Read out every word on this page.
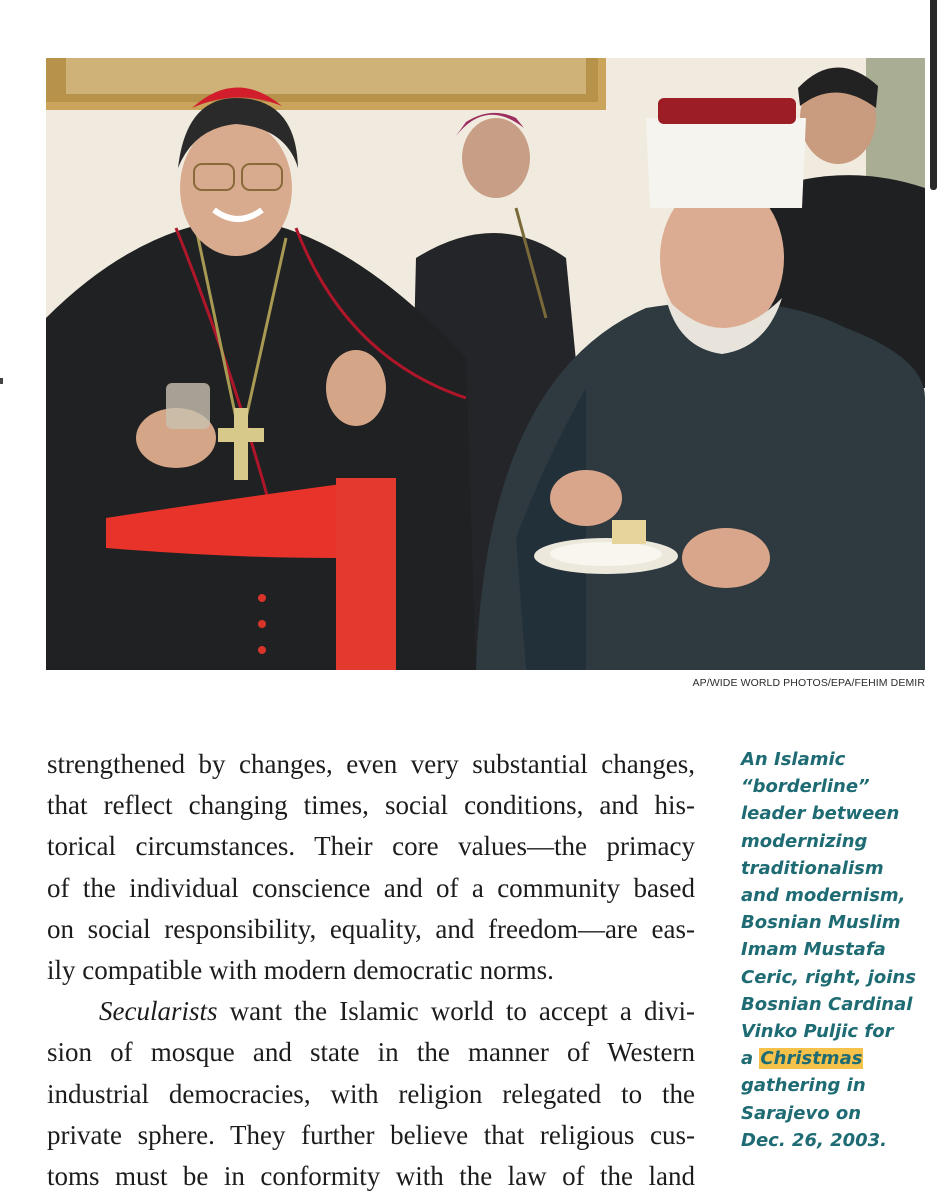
AP/WIDE WORLD PHOTOS/EPA/FEHIM DEMIR
strengthened by changes, even very substantial changes,
that reflect changing times, social conditions, and his-
torical circumstances. Their core values—the primacy
of the individual conscience and of a community based
on social responsibility, equality, and freedom—are eas-
ily compatible with modern democratic norms.
Secularists want the Islamic world to accept a divi-
sion of mosque and state in the manner of Western
industrial democracies, with religion relegated to the
private sphere. They further believe that religious cus-
toms must be in conformity with the law of the land
An Islamic
“borderline”
leader between
modernizing
traditionalism
and modernism,
Bosnian Muslim
Imam Mustafa
Ceric, right, joins
Bosnian Cardinal
Vinko Puljic for
a Christmas
gathering in
Sarajevo on
Dec. 26, 2003.
